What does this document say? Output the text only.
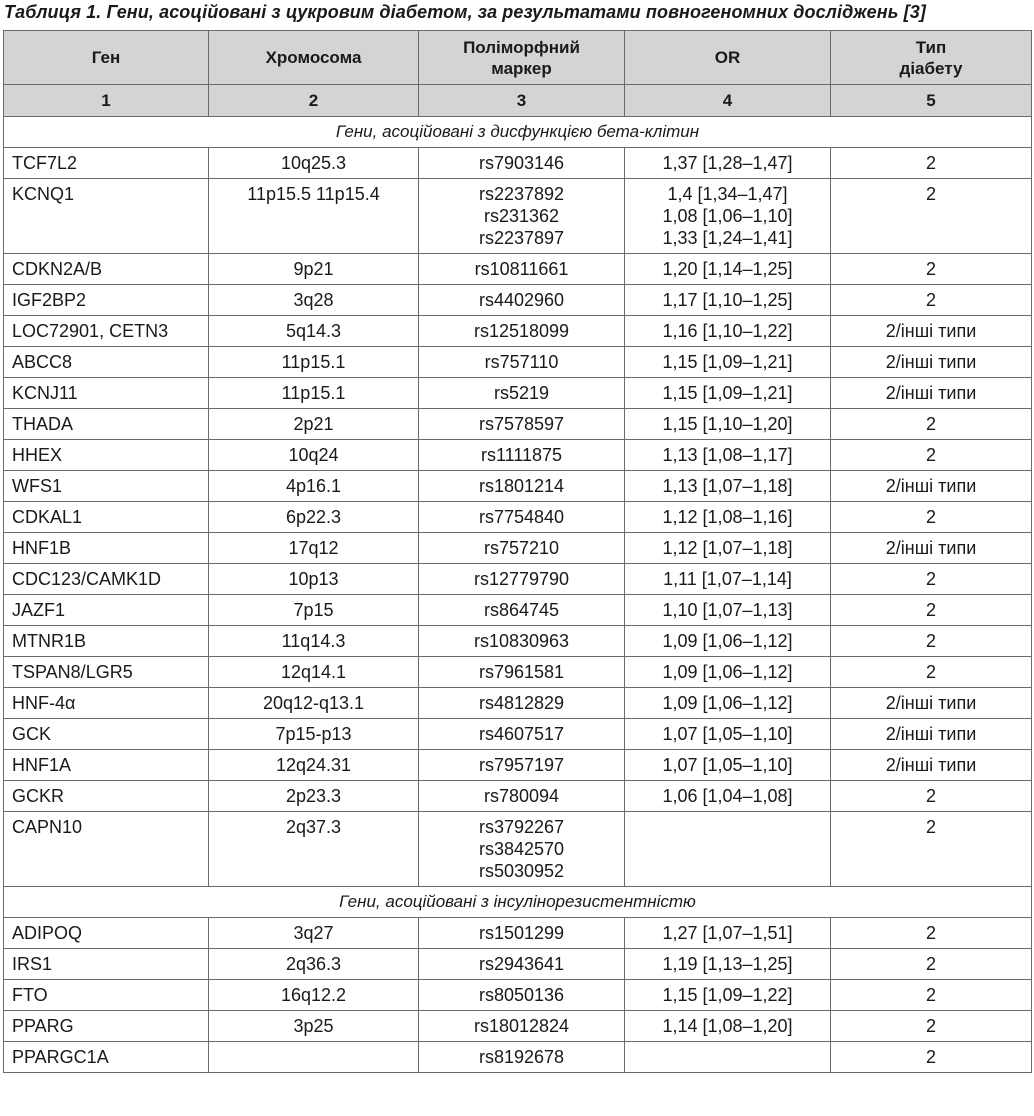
Таблиця 1. Гени, асоційовані з цукровим діабетом, за результатами повногеномних досліджень [3]
Ген	Хромосома	Поліморфний
маркер	OR	Тип
діабету

1	2	3	4	5
Гени, асоційовані з дисфункцією бета-клітин				
TCF7L2	10q25.3	rs7903146	1,37 [1,28–1,47]	2
KCNQ1	11p15.5 11p15.4	rs2237892
rs231362
rs2237897	1,4 [1,34–1,47]
1,08 [1,06–1,10]
1,33 [1,24–1,41]	2
CDKN2A/B	9p21	rs10811661	1,20 [1,14–1,25]	2
IGF2BP2	3q28	rs4402960	1,17 [1,10–1,25]	2
LOC72901, CETN3	5q14.3	rs12518099	1,16 [1,10–1,22]	2/інші типи
ABCC8	11p15.1	rs757110	1,15 [1,09–1,21]	2/інші типи
KCNJ11	11p15.1	rs5219	1,15 [1,09–1,21]	2/інші типи
THADA	2p21	rs7578597	1,15 [1,10–1,20]	2
HHEX	10q24	rs1111875	1,13 [1,08–1,17]	2
WFS1	4p16.1	rs1801214	1,13 [1,07–1,18]	2/інші типи
CDKAL1	6p22.3	rs7754840	1,12 [1,08–1,16]	2
HNF1B	17q12	rs757210	1,12 [1,07–1,18]	2/інші типи
CDC123/CAMK1D	10p13	rs12779790	1,11 [1,07–1,14]	2
JAZF1	7p15	rs864745	1,10 [1,07–1,13]	2
MTNR1B	11q14.3	rs10830963	1,09 [1,06–1,12]	2
TSPAN8/LGR5	12q14.1	rs7961581	1,09 [1,06–1,12]	2
HNF-4α	20q12-q13.1	rs4812829	1,09 [1,06–1,12]	2/інші типи
GCK	7p15-p13	rs4607517	1,07 [1,05–1,10]	2/інші типи
HNF1A	12q24.31	rs7957197	1,07 [1,05–1,10]	2/інші типи
GCKR	2p23.3	rs780094	1,06 [1,04–1,08]	2
CAPN10	2q37.3	rs3792267
rs3842570
rs5030952		2
Гени, асоційовані з інсулінорезистентністю				
ADIPOQ	3q27	rs1501299	1,27 [1,07–1,51]	2
IRS1	2q36.3	rs2943641	1,19 [1,13–1,25]	2
FTO	16q12.2	rs8050136	1,15 [1,09–1,22]	2
PPARG	3p25	rs18012824	1,14 [1,08–1,20]	2
PPARGC1A		rs8192678		2
